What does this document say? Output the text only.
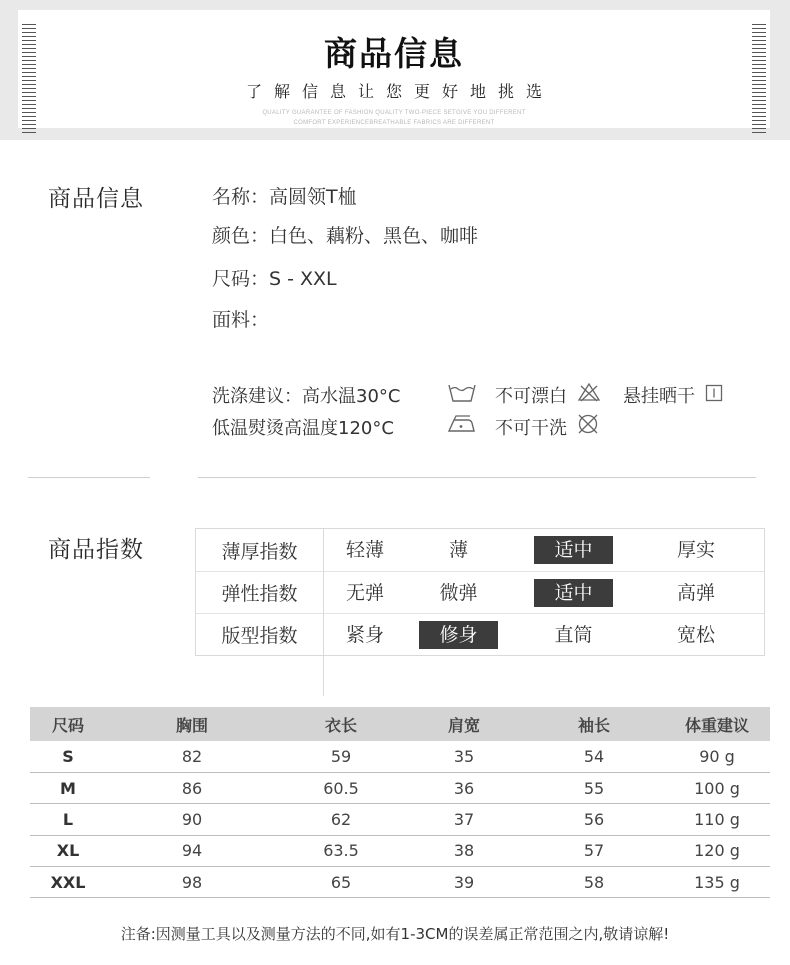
商品信息
了解信息让您更好地挑选
QUALITY GUARANTEE OF FASHION QUALITY TWO-PIECE SETGIVE YOU DIFFERENT
COMFORT EXPERIENCEBREATHABLE FABRICS ARE DIFFERENT
商品信息	名称：高圆领T桖
颜色：白色、藕粉、黑色、咖啡
尺码：S - XXL
面料：
洗涤建议：高水温30°C
低温熨烫高温度120°C
不可漂白	悬挂晒干
不可干洗
商品指数	薄厚指数	轻薄	薄	适中	厚实
弹性指数	无弹	微弹	适中	高弹
版型指数	紧身	修身	直筒	宽松
尺码	胸围	衣长	肩宽	袖长	体重建议
S	82	59	35	54	90 g
M	86	60.5	36	55	100 g
L	90	62	37	56	110 g
XL	94	63.5	38	57	120 g
XXL	98	65	39	58	135 g
注备:因测量工具以及测量方法的不同,如有1-3CM的误差属正常范围之内,敬请谅解!
